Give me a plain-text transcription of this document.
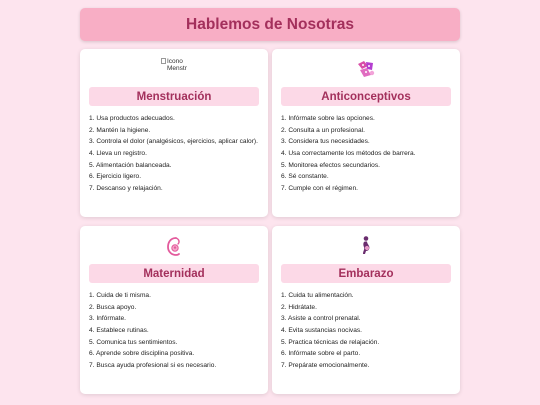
Hablemos de Nosotras
Icono Menstr
Menstruación
1. Usa productos adecuados.
2. Mantén la higiene.
3. Controla el dolor (analgésicos, ejercicios, aplicar calor).
4. Lleva un registro.
5. Alimentación balanceada.
6. Ejercicio ligero.
7. Descanso y relajación.
Anticonceptivos
1. Infórmate sobre las opciones.
2. Consulta a un profesional.
3. Considera tus necesidades.
4. Usa correctamente los métodos de barrera.
5. Monitorea efectos secundarios.
6. Sé constante.
7. Cumple con el régimen.
Maternidad
1. Cuida de ti misma.
2. Busca apoyo.
3. Infórmate.
4. Establece rutinas.
5. Comunica tus sentimientos.
6. Aprende sobre disciplina positiva.
7. Busca ayuda profesional si es necesario.
Embarazo
1. Cuida tu alimentación.
2. Hidrátate.
3. Asiste a control prenatal.
4. Evita sustancias nocivas.
5. Practica técnicas de relajación.
6. Infórmate sobre el parto.
7. Prepárate emocionalmente.
